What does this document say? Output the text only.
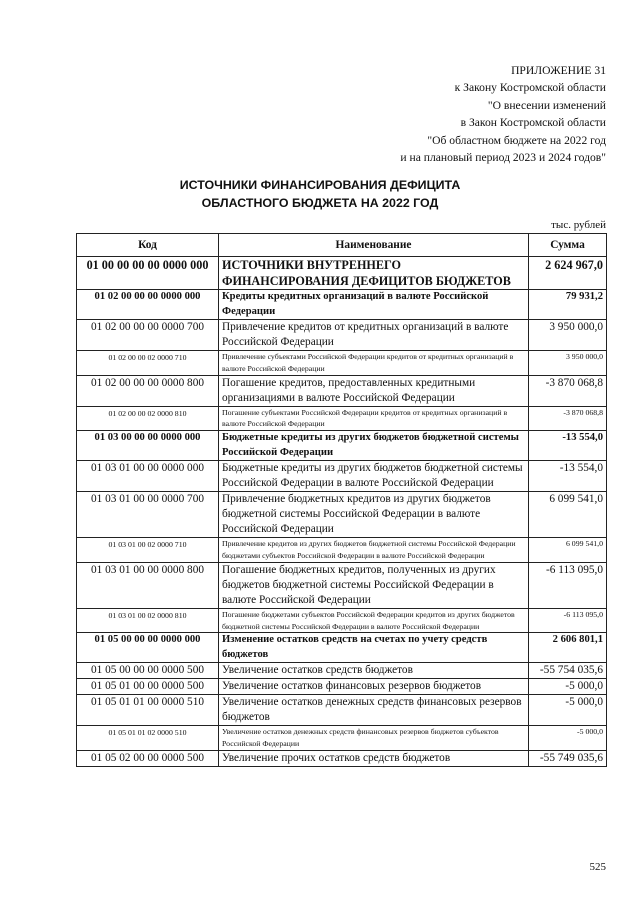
ПРИЛОЖЕНИЕ 31
к Закону Костромской области
"О внесении изменений
в Закон Костромской области
"Об областном бюджете на 2022 год
и на плановый период 2023 и 2024 годов"
ИСТОЧНИКИ ФИНАНСИРОВАНИЯ ДЕФИЦИТА
ОБЛАСТНОГО БЮДЖЕТА НА 2022 ГОД
тыс. рублей
Код	Наименование	Сумма
01 00 00 00 00 0000 000	ИСТОЧНИКИ ВНУТРЕННЕГО ФИНАНСИРОВАНИЯ ДЕФИЦИТОВ БЮДЖЕТОВ	2 624 967,0
01 02 00 00 00 0000 000	Кредиты кредитных организаций в валюте Российской Федерации	79 931,2
01 02 00 00 00 0000 700	Привлечение кредитов от кредитных организаций в валюте Российской Федерации	3 950 000,0
01 02 00 00 02 0000 710	Привлечение субъектами Российской Федерации кредитов от кредитных организаций в валюте Российской Федерации	3 950 000,0
01 02 00 00 00 0000 800	Погашение кредитов, предоставленных кредитными организациями в валюте Российской Федерации	-3 870 068,8
01 02 00 00 02 0000 810	Погашение субъектами Российской Федерации кредитов от кредитных организаций в валюте Российской Федерации	-3 870 068,8
01 03 00 00 00 0000 000	Бюджетные кредиты из других бюджетов бюджетной системы Российской Федерации	-13 554,0
01 03 01 00 00 0000 000	Бюджетные кредиты из других бюджетов бюджетной системы Российской Федерации в валюте Российской Федерации	-13 554,0
01 03 01 00 00 0000 700	Привлечение бюджетных кредитов из других бюджетов бюджетной системы Российской Федерации в валюте Российской Федерации	6 099 541,0
01 03 01 00 02 0000 710	Привлечение кредитов из других бюджетов бюджетной системы Российской Федерации бюджетами субъектов Российской Федерации в валюте Российской Федерации	6 099 541,0
01 03 01 00 00 0000 800	Погашение бюджетных кредитов, полученных из других бюджетов бюджетной системы Российской Федерации в валюте Российской Федерации	-6 113 095,0
01 03 01 00 02 0000 810	Погашение бюджетами субъектов Российской Федерации кредитов из других бюджетов бюджетной системы Российской Федерации в валюте Российской Федерации	-6 113 095,0
01 05 00 00 00 0000 000	Изменение остатков средств на счетах по учету средств бюджетов	2 606 801,1
01 05 00 00 00 0000 500	Увеличение остатков средств бюджетов	-55 754 035,6
01 05 01 00 00 0000 500	Увеличение остатков финансовых резервов бюджетов	-5 000,0
01 05 01 01 00 0000 510	Увеличение остатков денежных средств финансовых резервов бюджетов	-5 000,0
01 05 01 01 02 0000 510	Увеличение остатков денежных средств финансовых резервов бюджетов субъектов Российской Федерации	-5 000,0
01 05 02 00 00 0000 500	Увеличение прочих остатков средств бюджетов	-55 749 035,6
525
